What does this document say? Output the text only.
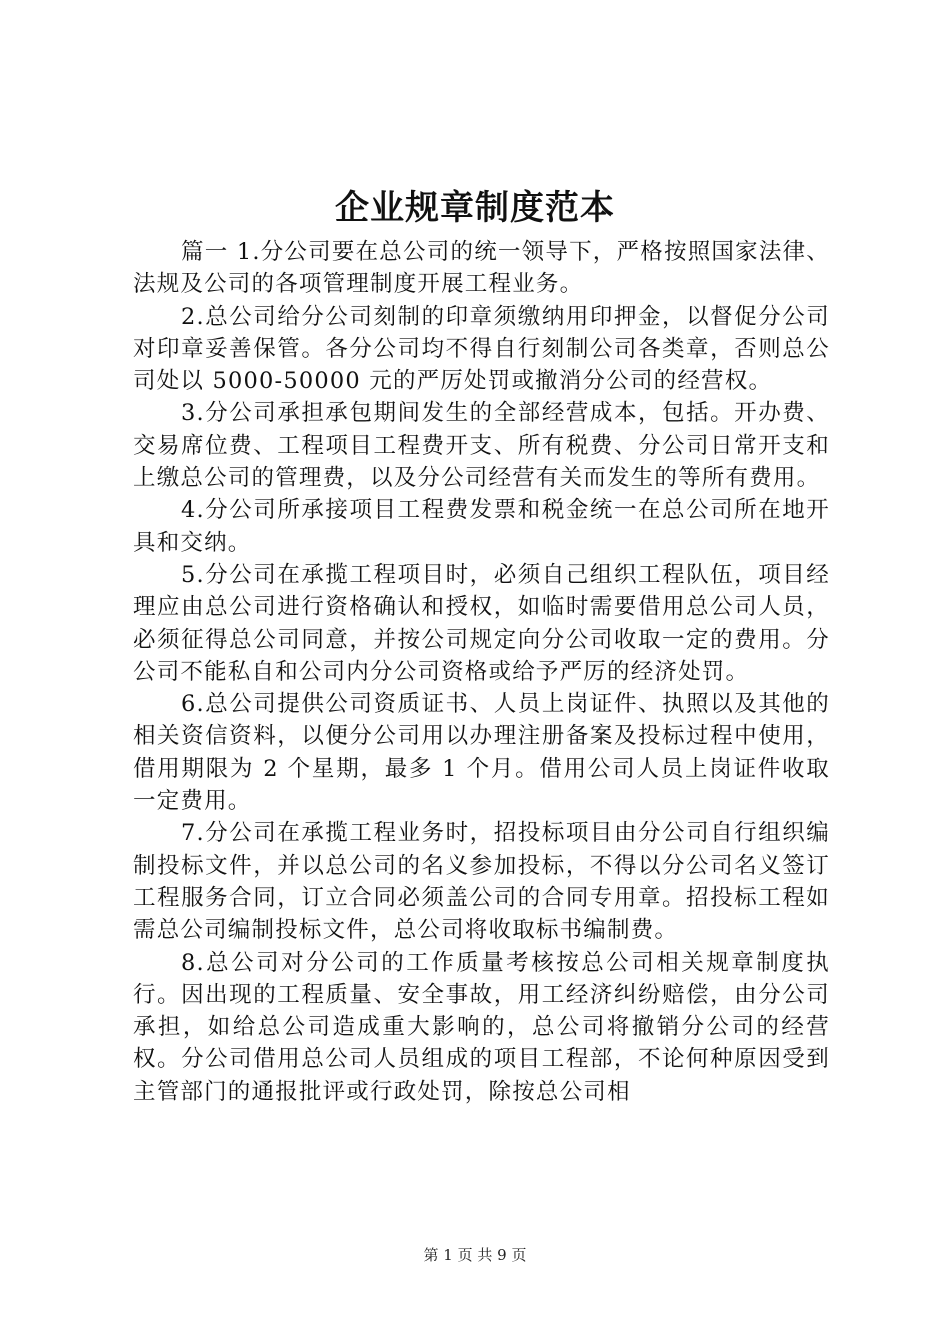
企业规章制度范本

篇一 1.分公司要在总公司的统一领导下，严格按照国家法律、法规及公司的各项管理制度开展工程业务。

2.总公司给分公司刻制的印章须缴纳用印押金，以督促分公司对印章妥善保管。各分公司均不得自行刻制公司各类章，否则总公司处以 5000-50000 元的严厉处罚或撤消分公司的经营权。

3.分公司承担承包期间发生的全部经营成本，包括。开办费、交易席位费、工程项目工程费开支、所有税费、分公司日常开支和上缴总公司的管理费，以及分公司经营有关而发生的等所有费用。

4.分公司所承接项目工程费发票和税金统一在总公司所在地开具和交纳。

5.分公司在承揽工程项目时，必须自己组织工程队伍，项目经理应由总公司进行资格确认和授权，如临时需要借用总公司人员，必须征得总公司同意，并按公司规定向分公司收取一定的费用。分公司不能私自和公司内分公司资格或给予严厉的经济处罚。

6.总公司提供公司资质证书、人员上岗证件、执照以及其他的相关资信资料，以便分公司用以办理注册备案及投标过程中使用，借用期限为 2 个星期，最多 1 个月。借用公司人员上岗证件收取一定费用。

7.分公司在承揽工程业务时，招投标项目由分公司自行组织编制投标文件，并以总公司的名义参加投标，不得以分公司名义签订工程服务合同，订立合同必须盖公司的合同专用章。招投标工程如需总公司编制投标文件，总公司将收取标书编制费。

8.总公司对分公司的工作质量考核按总公司相关规章制度执行。因出现的工程质量、安全事故，用工经济纠纷赔偿，由分公司承担，如给总公司造成重大影响的，总公司将撤销分公司的经营权。分公司借用总公司人员组成的项目工程部，不论何种原因受到主管部门的通报批评或行政处罚，除按总公司相

第 1 页 共 9 页
